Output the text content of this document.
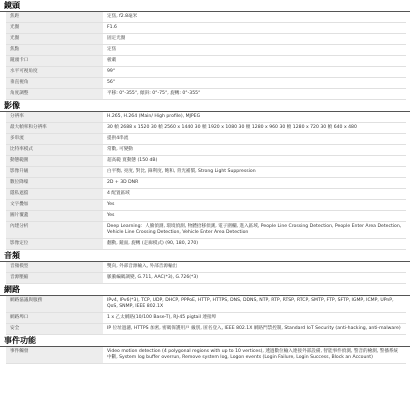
鏡頭
焦距	定焦, f2.8毫米
光圈	F1.6
光圈	固定光圈
焦點	定焦
鏡頭卡口	板載
水平可視角度	99°
垂直視角	56°
角度調整	平移: 0°-355°, 傾斜: 0°-75°, 旋轉: 0°-355°
影像
分辨率	H.265, H.264 (Main/ High profile), MJPEG
最大幀率和分辨率	30 幀 2688 x 1520 30 幀 2560 x 1440 30 幀 1920 x 1080 30 幀 1280 x 960 30 幀 1280 x 720 30 幀 640 x 480
多串流	提供4串流
比特率模式	常數, 可變動
動態範圍	超高範 寬動態 (150 dB)
影像升級	白平衡, 亮度, 對比, 鋒利度, 飽和, 背光補償, Strong Light Suppression
數位降噪	2D + 3D DNR
隱私遮擋	4 配置區域
文字疊加	Yes
圖片覆蓋	Yes
內建分析	Deep Learning：人臉偵測, 環境偵測, 物體拾移偵測, 電子圍欄, 進入區域, People Line Crossing Detection, People Enter Area Detection, Vehicle Line Crossing Detection, Vehicle Enter Area Detection
影像定位	翻動, 鏡面, 旋轉 (走廊模式) (90, 180, 270)
音頻
音頻模型	雙向, 外部音源輸入, 外部音源輸出
音源壓縮	脈衝編碼調變, G.711, AAC(*3), G.726(*3)
網路
網路協議與服務	IPv4, IPv6(*3), TCP, UDP, DHCP, PPPoE, HTTP, HTTPS, DNS, DDNS, NTP, RTP, RTSP, RTCP, SMTP, FTP, SFTP, IGMP, ICMP, UPnP, QoS, SNMP, IEEE 802.1X
網路埠口	1 x 乙太網路(10/100 Base-T), RJ-45 pigtail 連接埠
安全	IP 位址過濾, HTTPS 加密, 密碼保護用戶 級別, 匿名登入, IEEE 802.1X 網路門禁控制, Standard IoT Security (anti-hacking, anti-malware)
事件功能
事件觸發	Video motion detection (4 polygonal regions with up to 10 vertices), 透過數位輸入連接外部設備, 智能事件偵測, 警音的檢測, 警播系統中斷, System log buffer overrun, Remove system log, Logon events (Login Failure, Login Success, Block an Account)
